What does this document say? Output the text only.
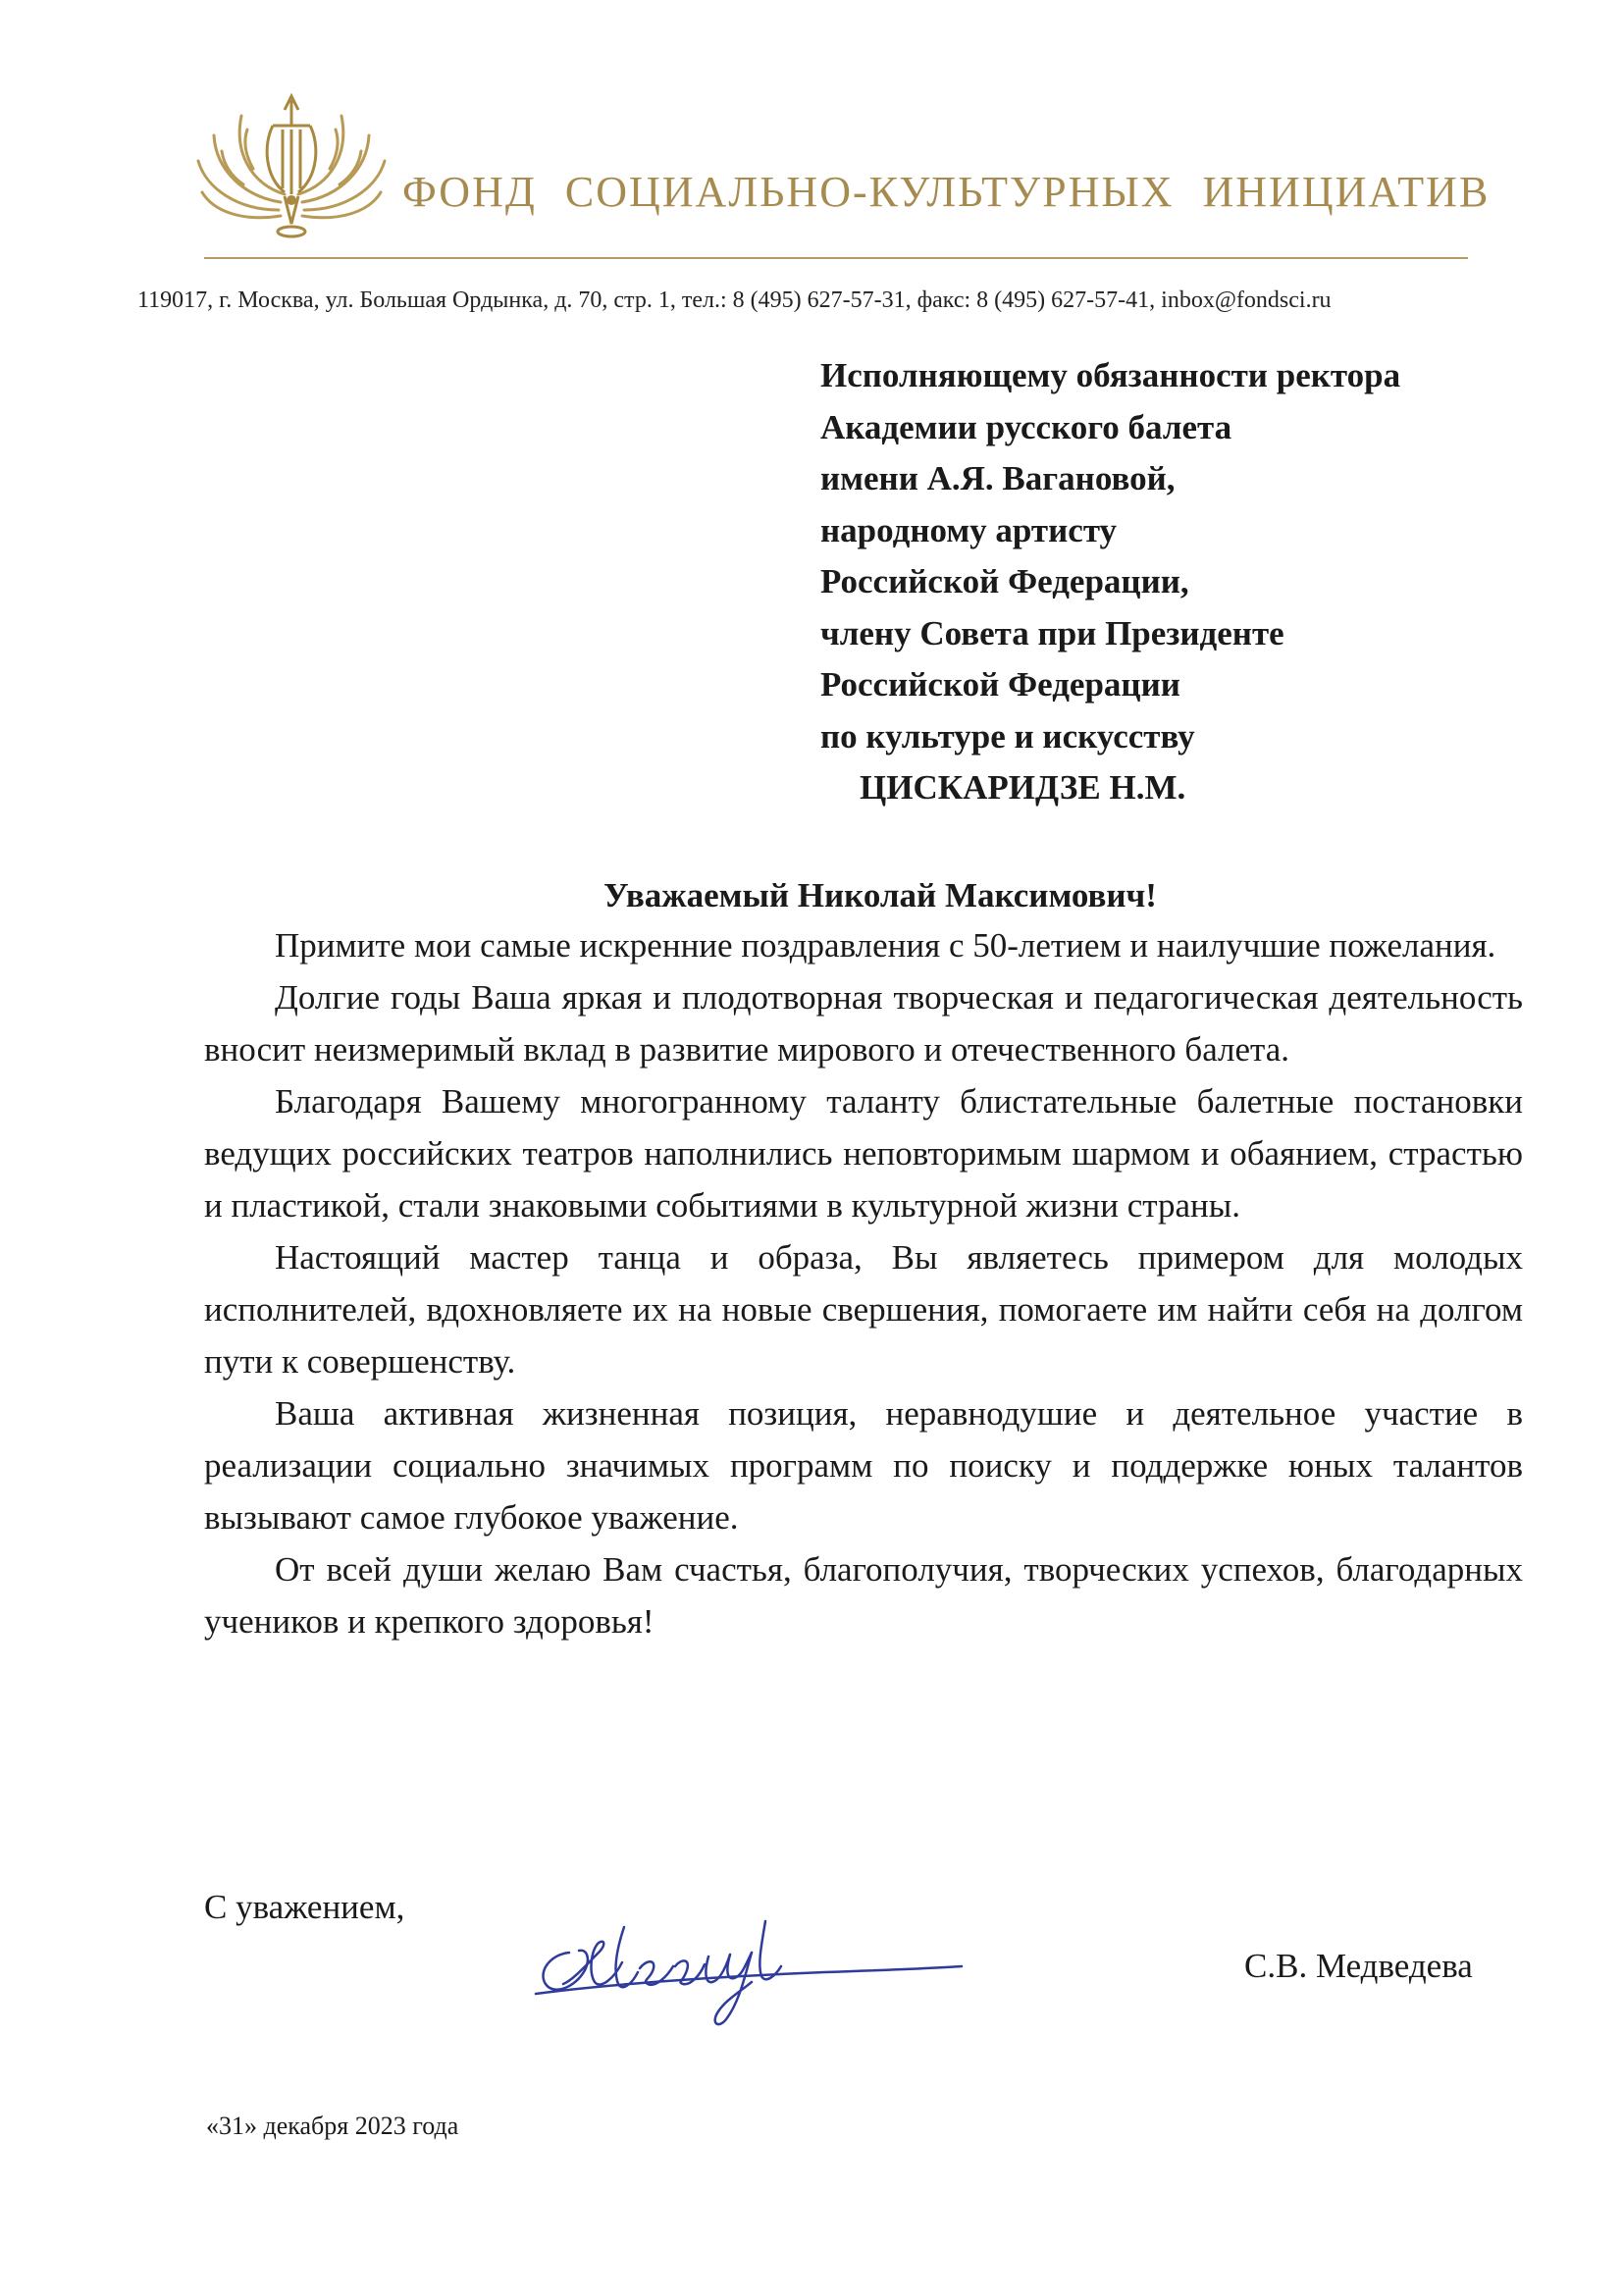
ФОНД СОЦИАЛЬНО-КУЛЬТУРНЫХ ИНИЦИАТИВ
119017, г. Москва, ул. Большая Ордынка, д. 70, стр. 1, тел.: 8 (495) 627-57-31, факс: 8 (495) 627-57-41, inbox@fondsci.ru
Исполняющему обязанности ректора
Академии русского балета
имени А.Я. Вагановой,
народному артисту
Российской Федерации,
члену Совета при Президенте
Российской Федерации
по культуре и искусству
ЦИСКАРИДЗЕ Н.М.
Уважаемый Николай Максимович!

Примите мои самые искренние поздравления с 50-летием и наилучшие пожелания.

Долгие годы Ваша яркая и плодотворная творческая и педагогическая деятельность вносит неизмеримый вклад в развитие мирового и отечественного балета.

Благодаря Вашему многогранному таланту блистательные балетные постановки ведущих российских театров наполнились неповторимым шармом и обаянием, страстью и пластикой, стали знаковыми событиями в культурной жизни страны.

Настоящий мастер танца и образа, Вы являетесь примером для молодых исполнителей, вдохновляете их на новые свершения, помогаете им найти себя на долгом пути к совершенству.

Ваша активная жизненная позиция, неравнодушие и деятельное участие в реализации социально значимых программ по поиску и поддержке юных талантов вызывают самое глубокое уважение.

От всей души желаю Вам счастья, благополучия, творческих успехов, благодарных учеников и крепкого здоровья!

С уважением,
С.В. Медведева
«31» декабря 2023 года
